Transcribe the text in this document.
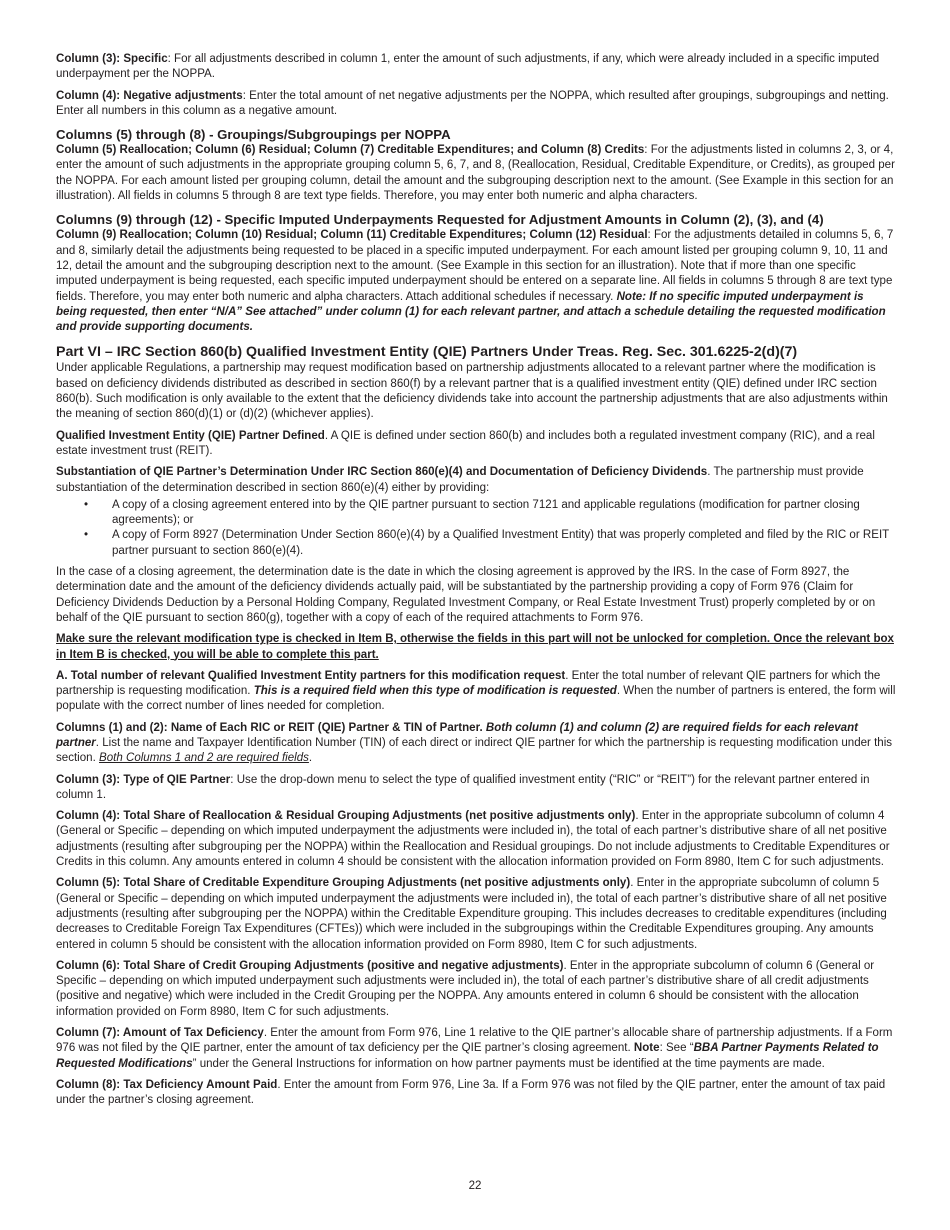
Column (3): Specific: For all adjustments described in column 1, enter the amount of such adjustments, if any, which were already included in a specific imputed underpayment per the NOPPA.

Column (4): Negative adjustments: Enter the total amount of net negative adjustments per the NOPPA, which resulted after groupings, subgroupings and netting. Enter all numbers in this column as a negative amount.

Columns (5) through (8) - Groupings/Subgroupings per NOPPA

Column (5) Reallocation; Column (6) Residual; Column (7) Creditable Expenditures; and Column (8) Credits: For the adjustments listed in columns 2, 3, or 4, enter the amount of such adjustments in the appropriate grouping column 5, 6, 7, and 8, (Reallocation, Residual, Creditable Expenditure, or Credits), as grouped per the NOPPA. For each amount listed per grouping column, detail the amount and the subgrouping description next to the amount. (See Example in this section for an illustration). All fields in columns 5 through 8 are text type fields. Therefore, you may enter both numeric and alpha characters.

Columns (9) through (12) - Specific Imputed Underpayments Requested for Adjustment Amounts in Column (2), (3), and (4)

Column (9) Reallocation; Column (10) Residual; Column (11) Creditable Expenditures; Column (12) Residual: For the adjustments detailed in columns 5, 6, 7 and 8, similarly detail the adjustments being requested to be placed in a specific imputed underpayment. For each amount listed per grouping column 9, 10, 11 and 12, detail the amount and the subgrouping description next to the amount. (See Example in this section for an illustration). Note that if more than one specific imputed underpayment is being requested, each specific imputed underpayment should be entered on a separate line. All fields in columns 5 through 8 are text type fields. Therefore, you may enter both numeric and alpha characters. Attach additional schedules if necessary. Note: If no specific imputed underpayment is being requested, then enter “N/A” See attached” under column (1) for each relevant partner, and attach a schedule detailing the requested modification and provide supporting documents.

Part VI – IRC Section 860(b) Qualified Investment Entity (QIE) Partners Under Treas. Reg. Sec. 301.6225-2(d)(7)

Under applicable Regulations, a partnership may request modification based on partnership adjustments allocated to a relevant partner where the modification is based on deficiency dividends distributed as described in section 860(f) by a relevant partner that is a qualified investment entity (QIE) defined under IRC section 860(b). Such modification is only available to the extent that the deficiency dividends take into account the partnership adjustments that are also adjustments within the meaning of section 860(d)(1) or (d)(2) (whichever applies).

Qualified Investment Entity (QIE) Partner Defined. A QIE is defined under section 860(b) and includes both a regulated investment company (RIC), and a real estate investment trust (REIT).

Substantiation of QIE Partner’s Determination Under IRC Section 860(e)(4) and Documentation of Deficiency Dividends. The partnership must provide substantiation of the determination described in section 860(e)(4) either by providing:

• A copy of a closing agreement entered into by the QIE partner pursuant to section 7121 and applicable regulations (modification for partner closing agreements); or
• A copy of Form 8927 (Determination Under Section 860(e)(4) by a Qualified Investment Entity) that was properly completed and filed by the RIC or REIT partner pursuant to section 860(e)(4).

In the case of a closing agreement, the determination date is the date in which the closing agreement is approved by the IRS. In the case of Form 8927, the determination date and the amount of the deficiency dividends actually paid, will be substantiated by the partnership providing a copy of Form 976 (Claim for Deficiency Dividends Deduction by a Personal Holding Company, Regulated Investment Company, or Real Estate Investment Trust) properly completed by or on behalf of the QIE pursuant to section 860(g), together with a copy of each of the required attachments to Form 976.

Make sure the relevant modification type is checked in Item B, otherwise the fields in this part will not be unlocked for completion. Once the relevant box in Item B is checked, you will be able to complete this part.

A. Total number of relevant Qualified Investment Entity partners for this modification request. Enter the total number of relevant QIE partners for which the partnership is requesting modification. This is a required field when this type of modification is requested. When the number of partners is entered, the form will populate with the correct number of lines needed for completion.

Columns (1) and (2): Name of Each RIC or REIT (QIE) Partner & TIN of Partner. Both column (1) and column (2) are required fields for each relevant partner. List the name and Taxpayer Identification Number (TIN) of each direct or indirect QIE partner for which the partnership is requesting modification under this section. Both Columns 1 and 2 are required fields.

Column (3): Type of QIE Partner: Use the drop-down menu to select the type of qualified investment entity (“RIC” or “REIT”) for the relevant partner entered in column 1.

Column (4): Total Share of Reallocation & Residual Grouping Adjustments (net positive adjustments only). Enter in the appropriate subcolumn of column 4 (General or Specific – depending on which imputed underpayment the adjustments were included in), the total of each partner’s distributive share of all net positive adjustments (resulting after subgrouping per the NOPPA) within the Reallocation and Residual groupings. Do not include adjustments to Creditable Expenditures or Credits in this column. Any amounts entered in column 4 should be consistent with the allocation information provided on Form 8980, Item C for such adjustments.

Column (5): Total Share of Creditable Expenditure Grouping Adjustments (net positive adjustments only). Enter in the appropriate subcolumn of column 5 (General or Specific – depending on which imputed underpayment the adjustments were included in), the total of each partner’s distributive share of all net positive adjustments (resulting after subgrouping per the NOPPA) within the Creditable Expenditure grouping. This includes decreases to creditable expenditures (including decreases to Creditable Foreign Tax Expenditures (CFTEs)) which were included in the subgroupings within the Creditable Expenditures grouping. Any amounts entered in column 5 should be consistent with the allocation information provided on Form 8980, Item C for such adjustments.

Column (6): Total Share of Credit Grouping Adjustments (positive and negative adjustments). Enter in the appropriate subcolumn of column 6 (General or Specific – depending on which imputed underpayment such adjustments were included in), the total of each partner’s distributive share of all credit adjustments (positive and negative) which were included in the Credit Grouping per the NOPPA. Any amounts entered in column 6 should be consistent with the allocation information provided on Form 8980, Item C for such adjustments.

Column (7): Amount of Tax Deficiency. Enter the amount from Form 976, Line 1 relative to the QIE partner’s allocable share of partnership adjustments. If a Form 976 was not filed by the QIE partner, enter the amount of tax deficiency per the QIE partner’s closing agreement. Note: See “BBA Partner Payments Related to Requested Modifications” under the General Instructions for information on how partner payments must be identified at the time payments are made.

Column (8): Tax Deficiency Amount Paid. Enter the amount from Form 976, Line 3a. If a Form 976 was not filed by the QIE partner, enter the amount of tax paid under the partner’s closing agreement.

22
